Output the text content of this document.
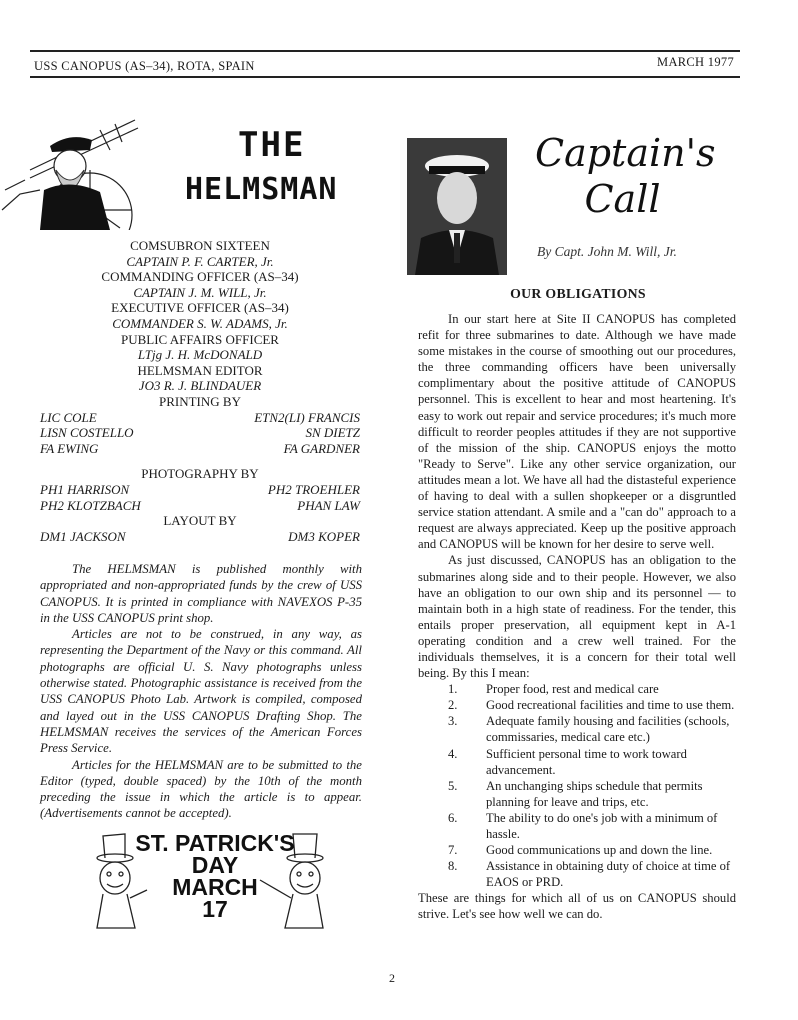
USS CANOPUS (AS–34), ROTA, SPAIN	MARCH 1977
THE
HELMSMAN
COMSUBRON SIXTEEN
CAPTAIN P. F. CARTER, Jr.
COMMANDING OFFICER (AS–34)
CAPTAIN J. M. WILL, Jr.
EXECUTIVE OFFICER (AS–34)
COMMANDER S. W. ADAMS, Jr.
PUBLIC AFFAIRS OFFICER
LTjg J. H. McDONALD
HELMSMAN EDITOR
JO3 R. J. BLINDAUER
PRINTING BY
LIC COLE	ETN2(LI) FRANCIS
LISN COSTELLO	SN DIETZ
FA EWING	FA GARDNER
PHOTOGRAPHY BY
PH1 HARRISON	PH2 TROEHLER
PH2 KLOTZBACH	PHAN LAW
LAYOUT BY
DM1 JACKSON	DM3 KOPER

The HELMSMAN is published monthly with appropriated and non-appropriated funds by the crew of USS CANOPUS. It is printed in compliance with NAVEXOS P-35 in the USS CANOPUS print shop.

Articles are not to be construed, in any way, as representing the Department of the Navy or this command. All photographs are official U. S. Navy photographs unless otherwise stated. Photographic assistance is received from the USS CANOPUS Photo Lab. Artwork is compiled, composed and layed out in the USS CANOPUS Drafting Shop. The HELMSMAN receives the services of the American Forces Press Service.

Articles for the HELMSMAN are to be submitted to the Editor (typed, double spaced) by the 10th of the month preceding the issue in which the article is to appear. (Advertisements cannot be accepted).

ST. PATRICK'S
DAY
MARCH
17
Captain's
Call
By Capt. John M. Will, Jr.
OUR OBLIGATIONS

In our start here at Site II CANOPUS has completed refit for three submarines to date. Although we have made some mistakes in the course of smoothing out our procedures, the three commanding officers have been universally complimentary about the positive attitude of CANOPUS personnel. This is excellent to hear and most heartening. It's easy to work out repair and service procedures; it's much more difficult to reorder peoples attitudes if they are not supportive of the mission of the ship. CANOPUS enjoys the motto "Ready to Serve". Like any other service organization, our attitudes mean a lot. We have all had the distasteful experience of having to deal with a sullen shopkeeper or a disgruntled service station attendant. A smile and a "can do" approach to a request are always appreciated. Keep up the positive approach and CANOPUS will be known for her desire to serve well.

As just discussed, CANOPUS has an obligation to the submarines along side and to their people. However, we also have an obligation to our own ship and its personnel — to maintain both in a high state of readiness. For the tender, this entails proper preservation, all equipment kept in A-1 operating condition and a crew well trained. For the individuals themselves, it is a concern for their total well being. By this I mean:

1.	Proper food, rest and medical care
2.	Good recreational facilities and time to use them.
3.	Adequate family housing and facilities (schools, commissaries, medical care etc.)
4.	Sufficient personal time to work toward advancement.
5.	An unchanging ships schedule that permits planning for leave and trips, etc.
6.	The ability to do one's job with a minimum of hassle.
7.	Good communications up and down the line.
8.	Assistance in obtaining duty of choice at time of EAOS or PRD.

These are things for which all of us on CANOPUS should strive. Let's see how well we can do.

2
